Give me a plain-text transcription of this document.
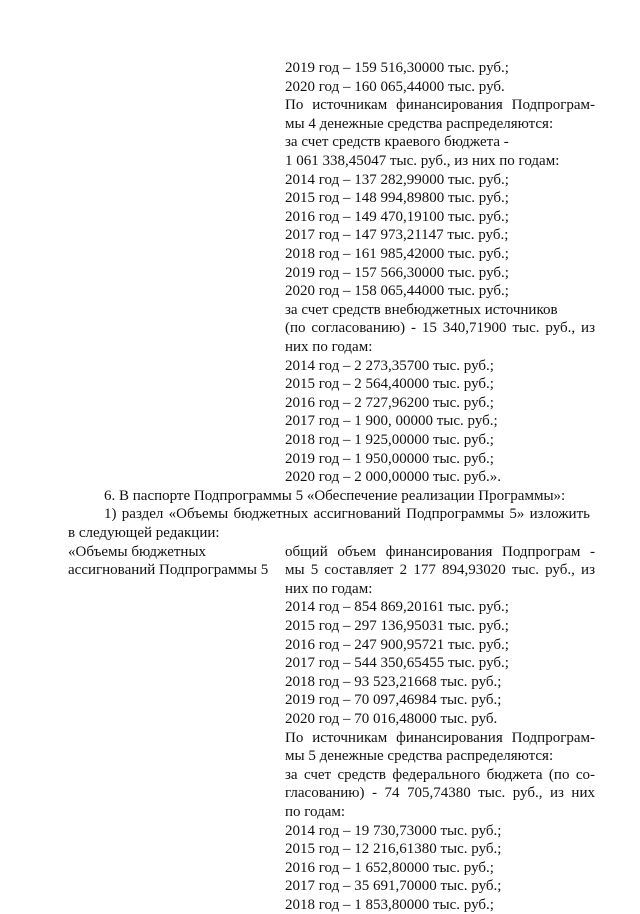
2019 год – 159 516,30000 тыс. руб.;
2020 год – 160 065,44000 тыс. руб.
По источникам финансирования Подпрограм-
мы 4 денежные средства распределяются:
за счет средств краевого бюджета -
1 061 338,45047 тыс. руб., из них по годам:
2014 год – 137 282,99000 тыс. руб.;
2015 год – 148 994,89800 тыс. руб.;
2016 год – 149 470,19100 тыс. руб.;
2017 год – 147 973,21147 тыс. руб.;
2018 год – 161 985,42000 тыс. руб.;
2019 год – 157 566,30000 тыс. руб.;
2020 год – 158 065,44000 тыс. руб.;
за счет средств внебюджетных источников
(по согласованию) - 15 340,71900 тыс. руб., из
них по годам:
2014 год – 2 273,35700 тыс. руб.;
2015 год – 2 564,40000 тыс. руб.;
2016 год – 2 727,96200 тыс. руб.;
2017 год – 1 900, 00000 тыс. руб.;
2018 год – 1 925,00000 тыс. руб.;
2019 год – 1 950,00000 тыс. руб.;
2020 год – 2 000,00000 тыс. руб.».
6. В паспорте Подпрограммы 5 «Обеспечение реализации Программы»:
1) раздел «Объемы бюджетных ассигнований Подпрограммы 5» изложить
в следующей редакции:
«Объемы бюджетных
ассигнований Подпрограммы 5
общий объем финансирования Подпрограм -
мы 5 составляет 2 177 894,93020 тыс. руб., из
них по годам:
2014 год – 854 869,20161 тыс. руб.;
2015 год – 297 136,95031 тыс. руб.;
2016 год – 247 900,95721 тыс. руб.;
2017 год – 544 350,65455 тыс. руб.;
2018 год – 93 523,21668 тыс. руб.;
2019 год – 70 097,46984 тыс. руб.;
2020 год – 70 016,48000 тыс. руб.
По источникам финансирования Подпрограм-
мы 5 денежные средства распределяются:
за счет средств федерального бюджета (по со-
гласованию) - 74 705,74380 тыс. руб., из них
по годам:
2014 год – 19 730,73000 тыс. руб.;
2015 год – 12 216,61380 тыс. руб.;
2016 год – 1 652,80000 тыс. руб.;
2017 год – 35 691,70000 тыс. руб.;
2018 год – 1 853,80000 тыс. руб.;
